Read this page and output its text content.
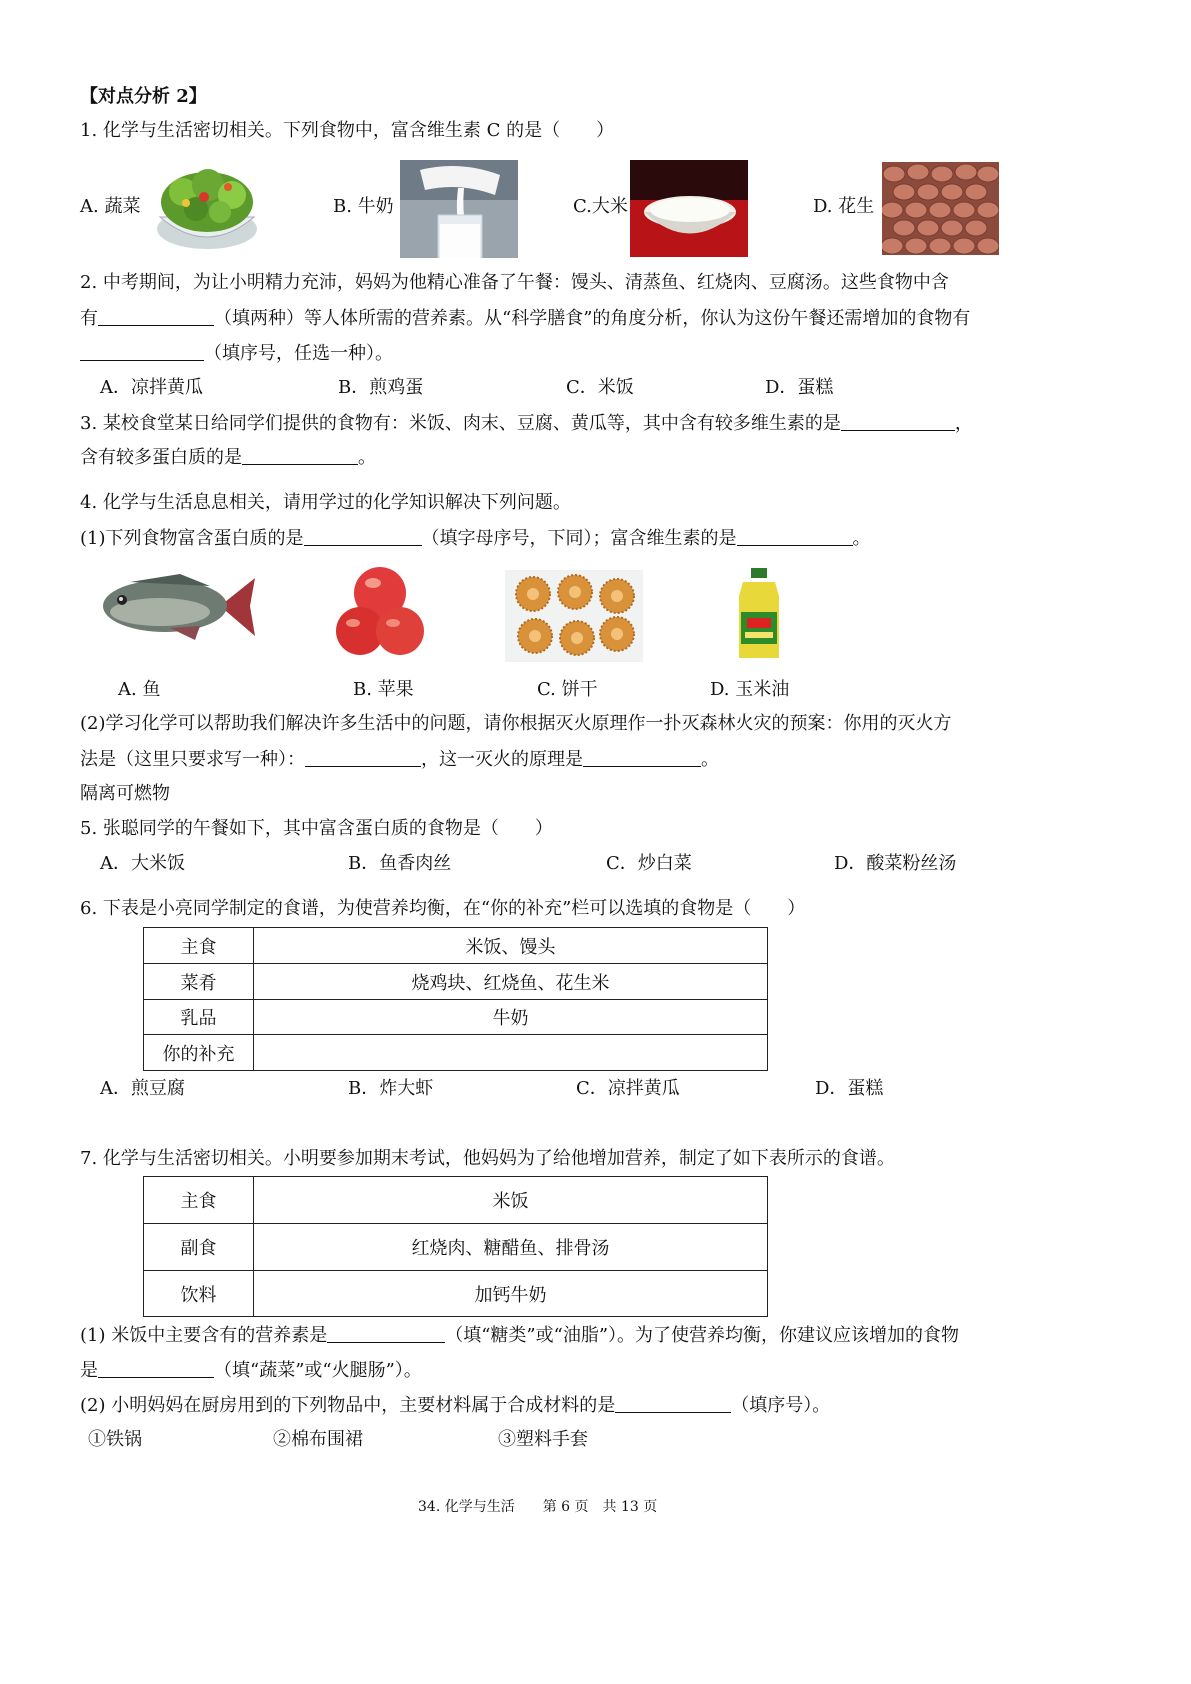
【对点分析 2】
1. 化学与生活密切相关。下列食物中，富含维生素 C 的是（　　）
A. 蔬菜	B. 牛奶	C.大米	D. 花生
2. 中考期间，为让小明精力充沛，妈妈为他精心准备了午餐：馒头、清蒸鱼、红烧肉、豆腐汤。这些食物中含
有	（填两种）等人体所需的营养素。从“科学膳食”的角度分析，你认为这份午餐还需增加的食物有
（填序号，任选一种）。
A．凉拌黄瓜	B．煎鸡蛋	C．米饭	D．蛋糕
3. 某校食堂某日给同学们提供的食物有：米饭、肉末、豆腐、黄瓜等，其中含有较多维生素的是	，
含有较多蛋白质的是	。
4. 化学与生活息息相关，请用学过的化学知识解决下列问题。
(1)下列食物富含蛋白质的是	（填字母序号，下同）；富含维生素的是	。
A. 鱼	B. 苹果	C. 饼干	D. 玉米油
(2)学习化学可以帮助我们解决许多生活中的问题，请你根据灭火原理作一扑灭森林火灾的预案：你用的灭火方
法是（这里只要求写一种）：	，这一灭火的原理是	。
隔离可燃物
5. 张聪同学的午餐如下，其中富含蛋白质的食物是（　　）
A．大米饭	B．鱼香肉丝	C．炒白菜	D．酸菜粉丝汤
6. 下表是小亮同学制定的食谱，为使营养均衡，在“你的补充”栏可以选填的食物是（　　）
主食	米饭、馒头
菜肴	烧鸡块、红烧鱼、花生米
乳品	牛奶
你的补充	
A．煎豆腐	B．炸大虾	C．凉拌黄瓜	D．蛋糕
7. 化学与生活密切相关。小明要参加期末考试，他妈妈为了给他增加营养，制定了如下表所示的食谱。
主食	米饭
副食	红烧肉、糖醋鱼、排骨汤
饮料	加钙牛奶
(1) 米饭中主要含有的营养素是	（填“糖类”或“油脂”）。为了使营养均衡，你建议应该增加的食物
是	（填“蔬菜”或“火腿肠”）。
(2) 小明妈妈在厨房用到的下列物品中，主要材料属于合成材料的是	（填序号）。
①铁锅	②棉布围裙	③塑料手套
34. 化学与生活　　第 6 页　共 13 页
